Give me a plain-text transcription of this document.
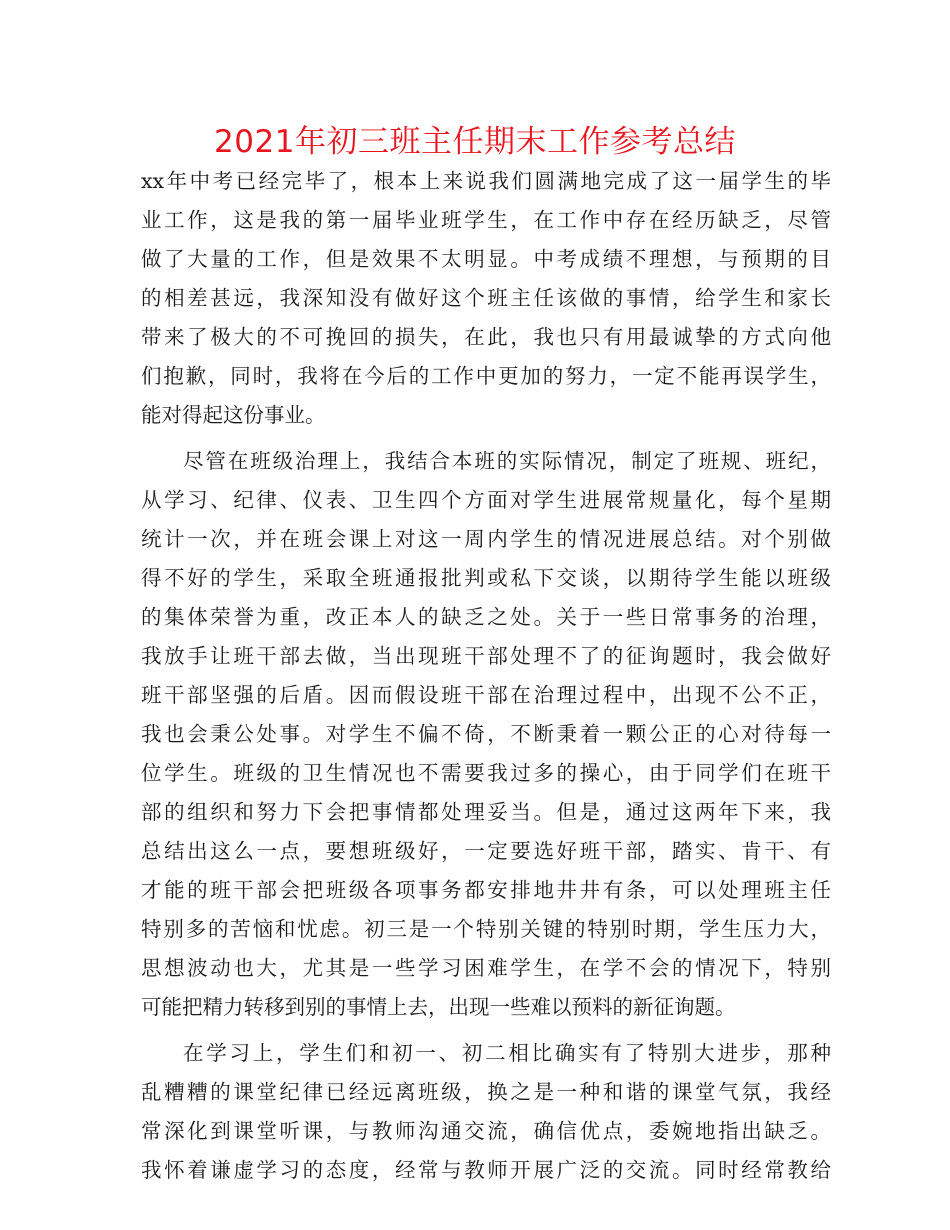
2021年初三班主任期末工作参考总结
xx年中考已经完毕了，根本上来说我们圆满地完成了这一届学生的毕
业工作，这是我的第一届毕业班学生，在工作中存在经历缺乏，尽管
做了大量的工作，但是效果不太明显。中考成绩不理想，与预期的目
的相差甚远，我深知没有做好这个班主任该做的事情，给学生和家长
带来了极大的不可挽回的损失，在此，我也只有用最诚挚的方式向他
们抱歉，同时，我将在今后的工作中更加的努力，一定不能再误学生，
能对得起这份事业。
尽管在班级治理上，我结合本班的实际情况，制定了班规、班纪，
从学习、纪律、仪表、卫生四个方面对学生进展常规量化，每个星期
统计一次，并在班会课上对这一周内学生的情况进展总结。对个别做
得不好的学生，采取全班通报批判或私下交谈，以期待学生能以班级
的集体荣誉为重，改正本人的缺乏之处。关于一些日常事务的治理，
我放手让班干部去做，当出现班干部处理不了的征询题时，我会做好
班干部坚强的后盾。因而假设班干部在治理过程中，出现不公不正，
我也会秉公处事。对学生不偏不倚，不断秉着一颗公正的心对待每一
位学生。班级的卫生情况也不需要我过多的操心，由于同学们在班干
部的组织和努力下会把事情都处理妥当。但是，通过这两年下来，我
总结出这么一点，要想班级好，一定要选好班干部，踏实、肯干、有
才能的班干部会把班级各项事务都安排地井井有条，可以处理班主任
特别多的苦恼和忧虑。初三是一个特别关键的特别时期，学生压力大，
思想波动也大，尤其是一些学习困难学生，在学不会的情况下，特别
可能把精力转移到别的事情上去，出现一些难以预料的新征询题。
在学习上，学生们和初一、初二相比确实有了特别大进步，那种
乱糟糟的课堂纪律已经远离班级，换之是一种和谐的课堂气氛，我经
常深化到课堂听课，与教师沟通交流，确信优点，委婉地指出缺乏。
我怀着谦虚学习的态度，经常与教师开展广泛的交流。同时经常教给
